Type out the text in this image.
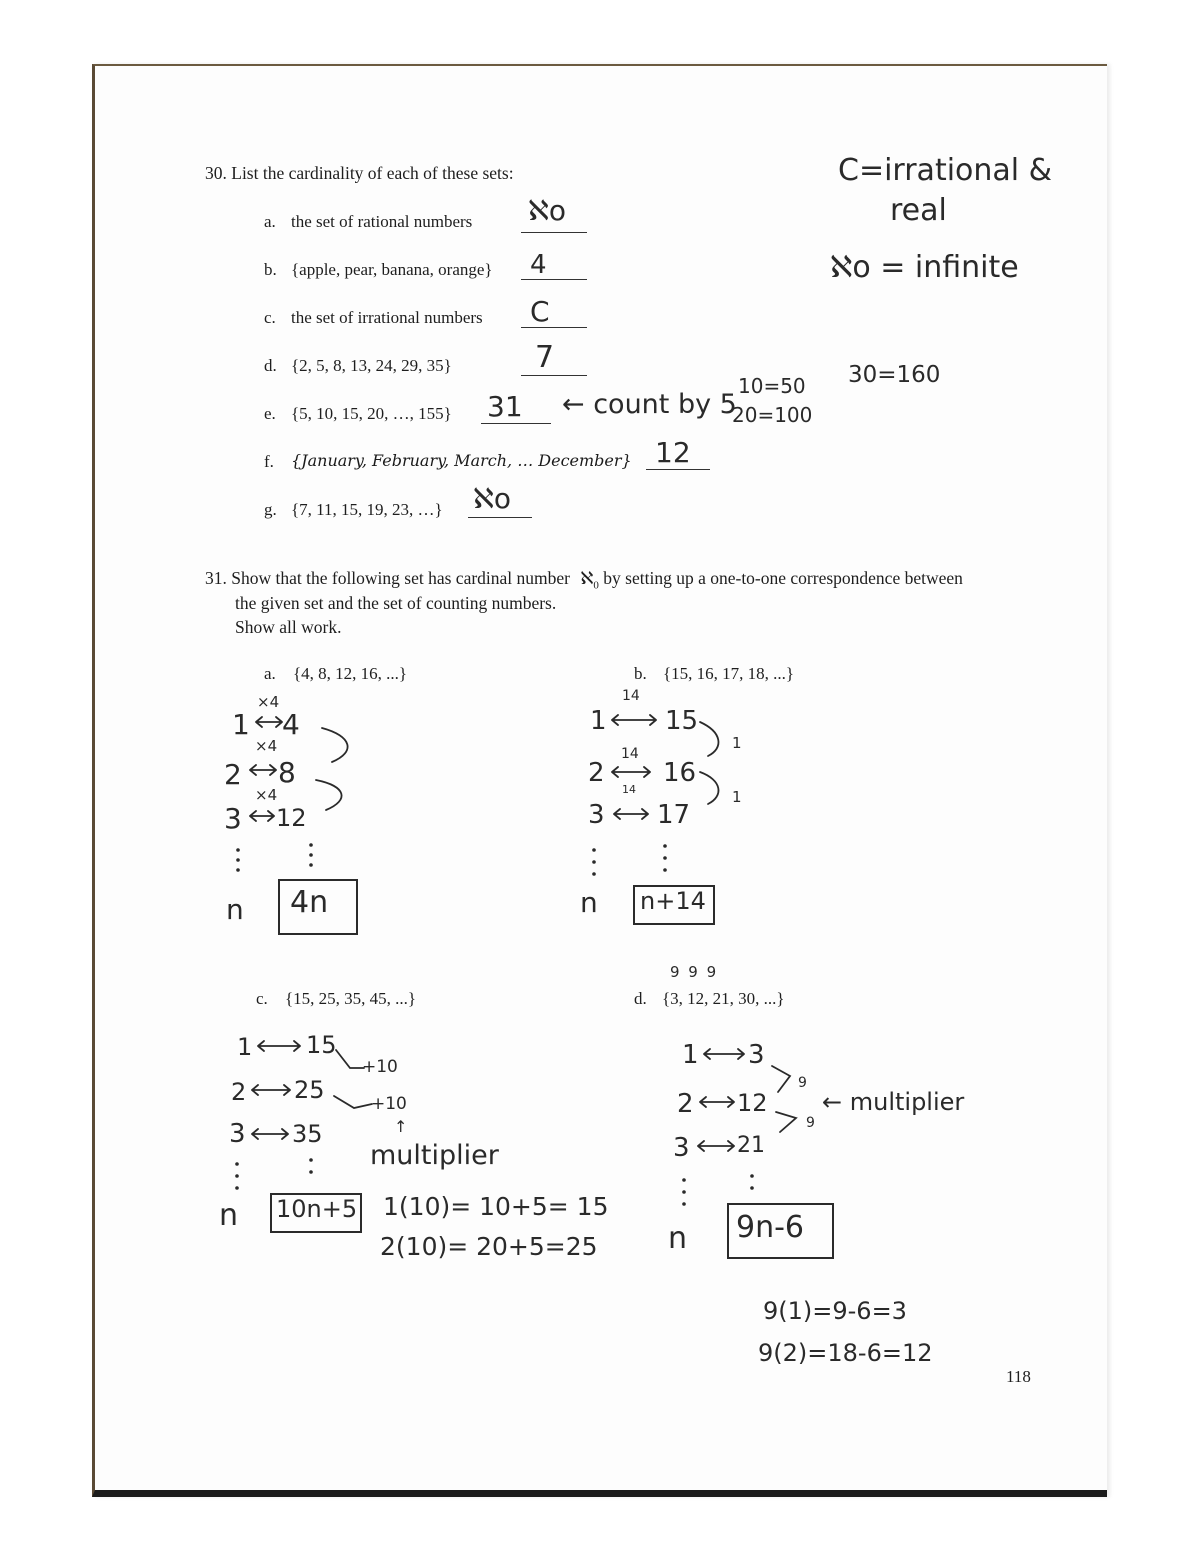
30. List the cardinality of each of these sets:
a. the set of rational numbers ℵo
b. {apple, pear, banana, orange} 4
c. the set of irrational numbers C
d. {2, 5, 8, 13, 24, 29, 35}	7
e. {5, 10, 15, 20, …, 155} 31 ← count by 5
10=50
20=100
30=160
f. {January, February, March, … December} 12
g. {7, 11, 15, 19, 23, …} ℵo
C=irrational &
real
ℵo = infinite
31. Show that the following set has cardinal number ℵ$_0$ by setting up a one-to-one correspondence between
the given set and the set of counting numbers.
Show all work.
a. {4, 8, 12, 16, ...}
×4
1 4
×4
2 8
×4
3 12
n 4n
b. {15, 16, 17, 18, ...}
14
1 15
14
2 16
14
3 17
1
1
n n+14
c. {15, 25, 35, 45, ...}
1 15
+10
2 25	+10
3 35	↑
multiplier
n 10n+5 1(10)= 10+5= 15
2(10)= 20+5=25
9 9 9
d. {3, 12, 21, 30, ...}
1 3
9
2 12
9
← multiplier
3 21
n 9n-6
9(1)=9-6=3
9(2)=18-6=12
118
